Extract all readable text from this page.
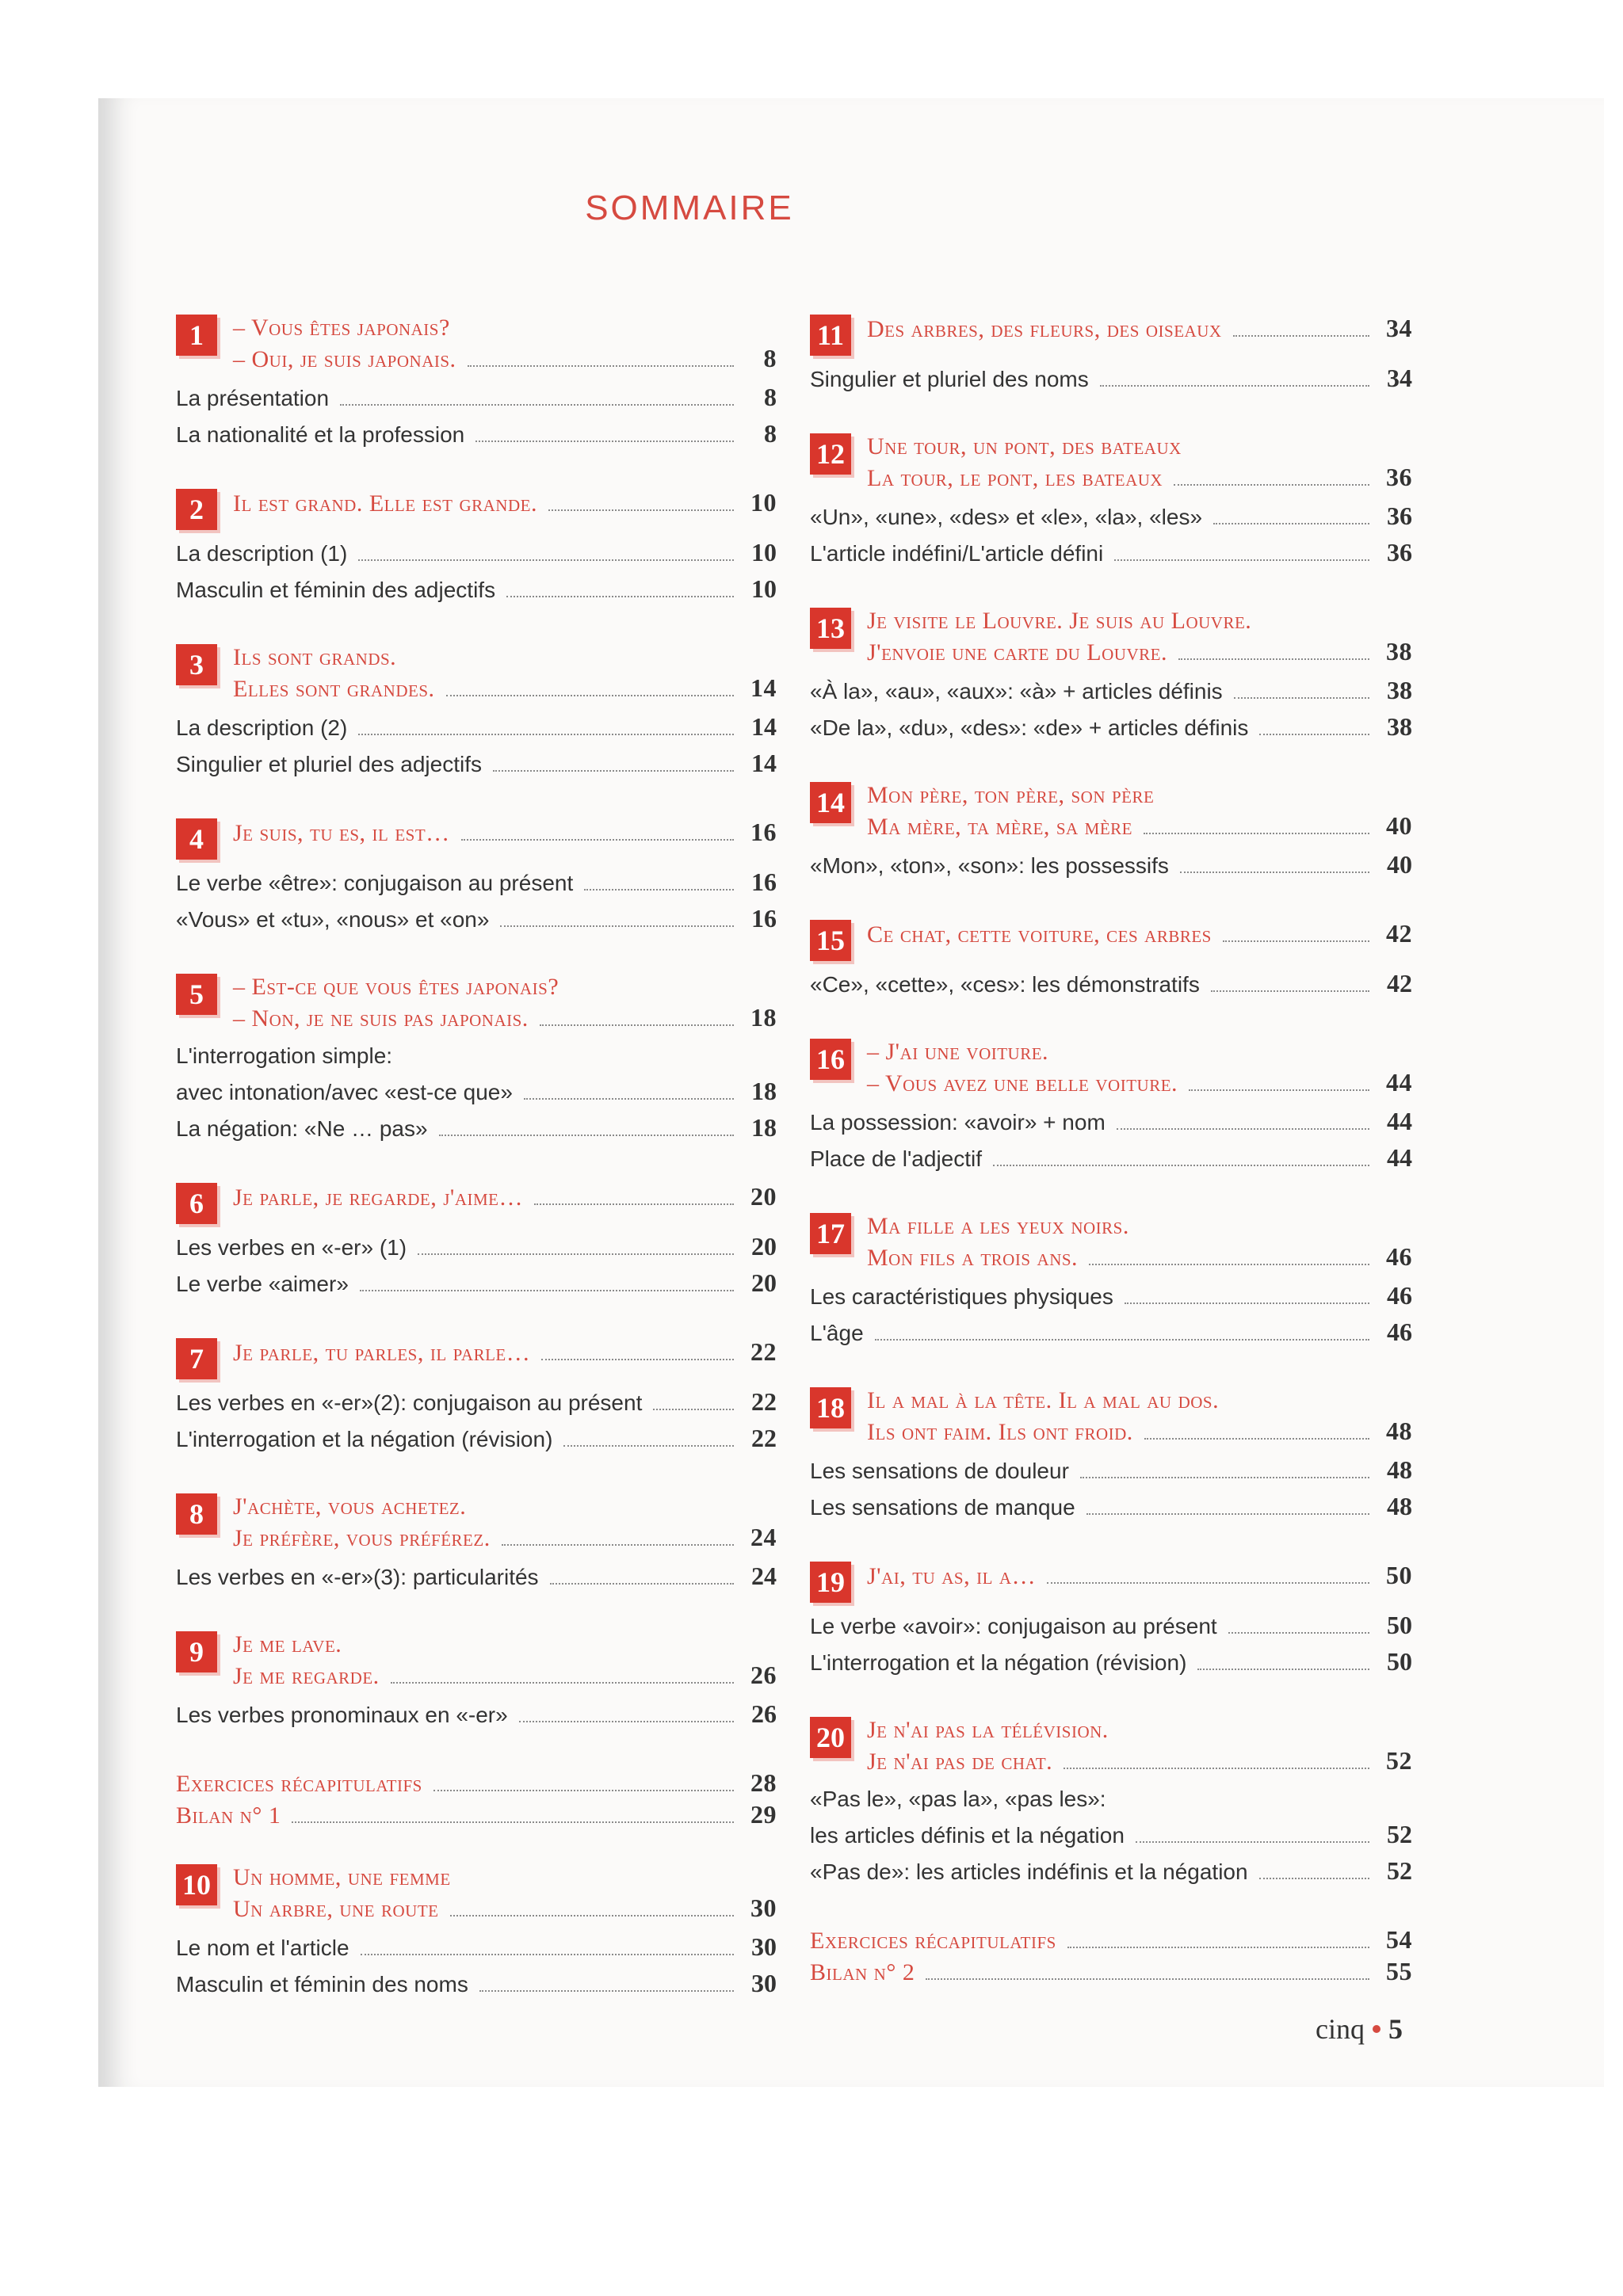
SOMMAIRE
1	– Vous êtes japonais?
– Oui, je suis japonais.	8
La présentation	8
La nationalité et la profession	8
2	Il est grand. Elle est grande.	10
La description (1)	10
Masculin et féminin des adjectifs	10
3	Ils sont grands.
Elles sont grandes.	14
La description (2)	14
Singulier et pluriel des adjectifs	14
4	Je suis, tu es, il est…	16
Le verbe «être»: conjugaison au présent	16
«Vous» et «tu», «nous» et «on»	16
5	– Est-ce que vous êtes japonais?
– Non, je ne suis pas japonais.	18
L'interrogation simple:
avec intonation/avec «est-ce que»	18
La négation: «Ne … pas»	18
6	Je parle, je regarde, j'aime…	20
Les verbes en «-er» (1)	20
Le verbe «aimer»	20
7	Je parle, tu parles, il parle…	22
Les verbes en «-er»(2): conjugaison au présent	22
L'interrogation et la négation (révision)	22
8	J'achète, vous achetez.
Je préfère, vous préférez.	24
Les verbes en «-er»(3): particularités	24
9	Je me lave.
Je me regarde.	26
Les verbes pronominaux en «-er»	26
Exercices récapitulatifs	28
Bilan n° 1	29
10 Un homme, une femme
Un arbre, une route	30
Le nom et l'article	30
Masculin et féminin des noms	30
11 Des arbres, des fleurs, des oiseaux	34
Singulier et pluriel des noms	34
12 Une tour, un pont, des bateaux
La tour, le pont, les bateaux	36
«Un», «une», «des» et «le», «la», «les»	36
L'article indéfini/L'article défini	36
13 Je visite le Louvre. Je suis au Louvre.
J'envoie une carte du Louvre.	38
«À la», «au», «aux»: «à» + articles définis	38
«De la», «du», «des»: «de» + articles définis	38
14 Mon père, ton père, son père
Ma mère, ta mère, sa mère	40
«Mon», «ton», «son»: les possessifs	40
15 Ce chat, cette voiture, ces arbres	42
«Ce», «cette», «ces»: les démonstratifs	42
16 – J'ai une voiture.
– Vous avez une belle voiture.	44
La possession: «avoir» + nom	44
Place de l'adjectif	44
17 Ma fille a les yeux noirs.
Mon fils a trois ans.	46
Les caractéristiques physiques	46
L'âge	46
18 Il a mal à la tête. Il a mal au dos.
Ils ont faim. Ils ont froid.	48
Les sensations de douleur	48
Les sensations de manque	48
19 J'ai, tu as, il a…	50
Le verbe «avoir»: conjugaison au présent	50
L'interrogation et la négation (révision)	50
20 Je n'ai pas la télévision.
Je n'ai pas de chat.	52
«Pas le», «pas la», «pas les»:
les articles définis et la négation	52
«Pas de»: les articles indéfinis et la négation	52
Exercices récapitulatifs	54
Bilan n° 2	55
cinq 5
